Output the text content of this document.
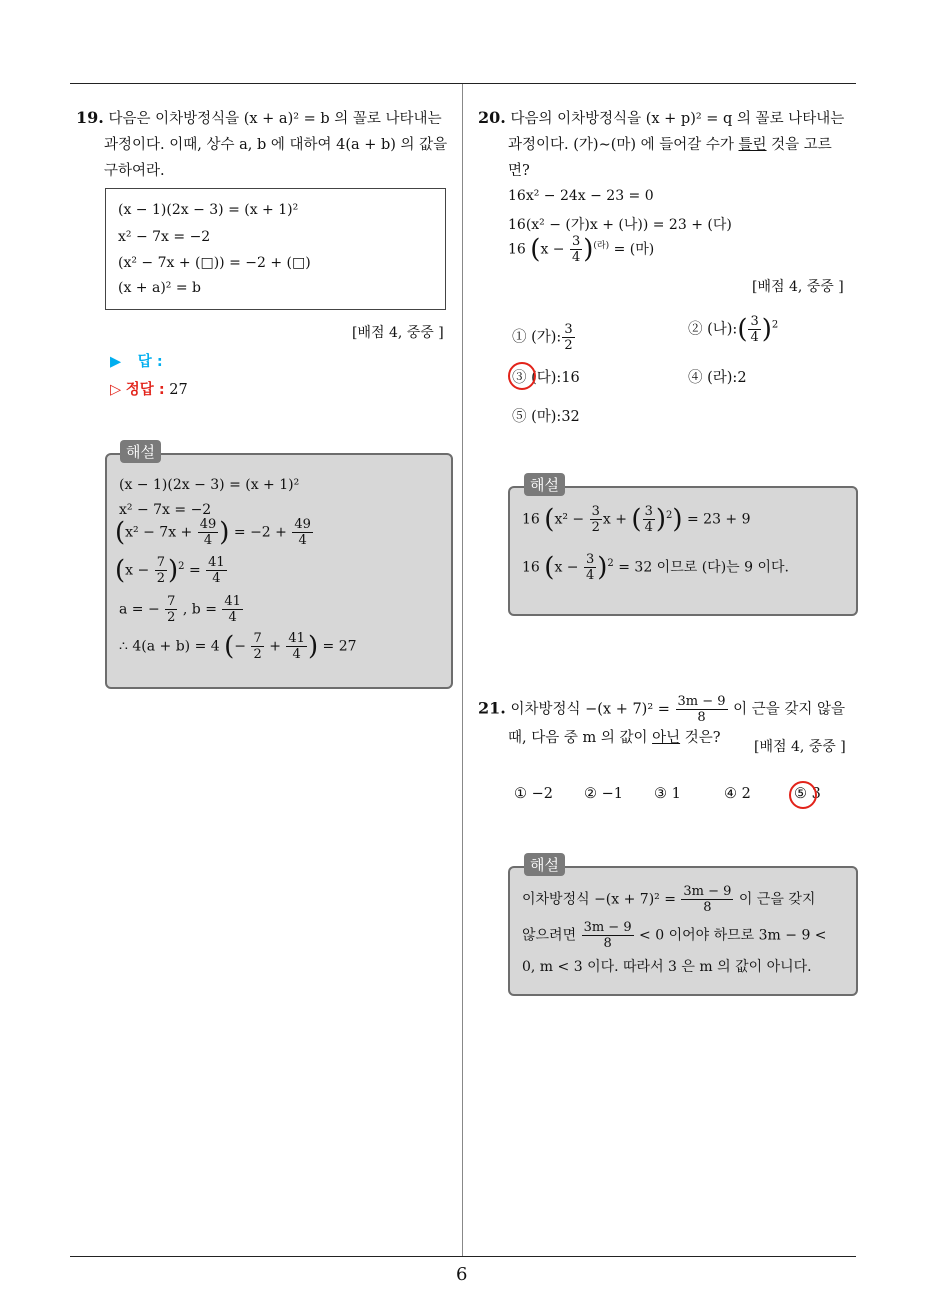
6
19. 다음은 이차방정식을 (x + a)² = b 의 꼴로 나타내는
과정이다. 이때, 상수 a, b 에 대하여 4(a + b) 의 값을
구하여라.
(x − 1)(2x − 3) = (x + 1)²
x² − 7x = −2
(x² − 7x + (□)) = −2 + (□)
(x + a)² = b
[배점 4, 중중 ]
▶ 답 :
▷ 정답 : 27
(x − 1)(2x − 3) = (x + 1)²
x² − 7x = −2
($x^2 - 7x + \frac{49}{4}$ ) = $-2 + \frac{49}{4}$
$(x - \frac{7}{2} )^2 = \frac{41}{4}$
a = − $\frac{7}{2}$ , $b = \frac{41}{4}$
∴ 4(a + b) = 4 (− $\frac{7}{2} + \frac{41}{4}$ ) = 27
해설
20. 다음의 이차방정식을 (x + p)² = q 의 꼴로 나타내는
과정이다. (가)∼(마) 에 들어갈 수가 틀린 것을 고르
면?
16x² − 24x − 23 = 0
16(x² − (가)x + (나)) = 23 + (다)
16 $(x - \frac{3}{4} )^{(라)}$ = (마)
[배점 4, 중중 ]
① (가): $\frac{3}{2}$	② (나):( $\frac{3}{4} )^2$
③ (다):16	④ (라):2
⑤ (마):32
16 ($x^2 - \frac{3}{2}$ x + ( $\frac{3}{4} )^2) = 23 + 9$
16 $(x - \frac{3}{4} )^2 = 32$ 이므로 (다)는 9 이다.
해설
21. 이차방정식 $-(x + 7)^2 = \frac{3m - 9}{8}$ 이 근을 갖지 않을
때, 다음 중 m 의 값이 아닌 것은?
[배점 4, 중중 ]
① −2 ② −1 ③ 1	④ 2	⑤ 3
이차방정식 $-(x + 7)^2 = \frac{3m - 9}{8}$ 이 근을 갖지
않으려면 $\frac{3m - 9}{8} < 0$ 이어야 하므로 3m − 9 <
0, m < 3 이다. 따라서 3 은 m 의 값이 아니다.
해설
